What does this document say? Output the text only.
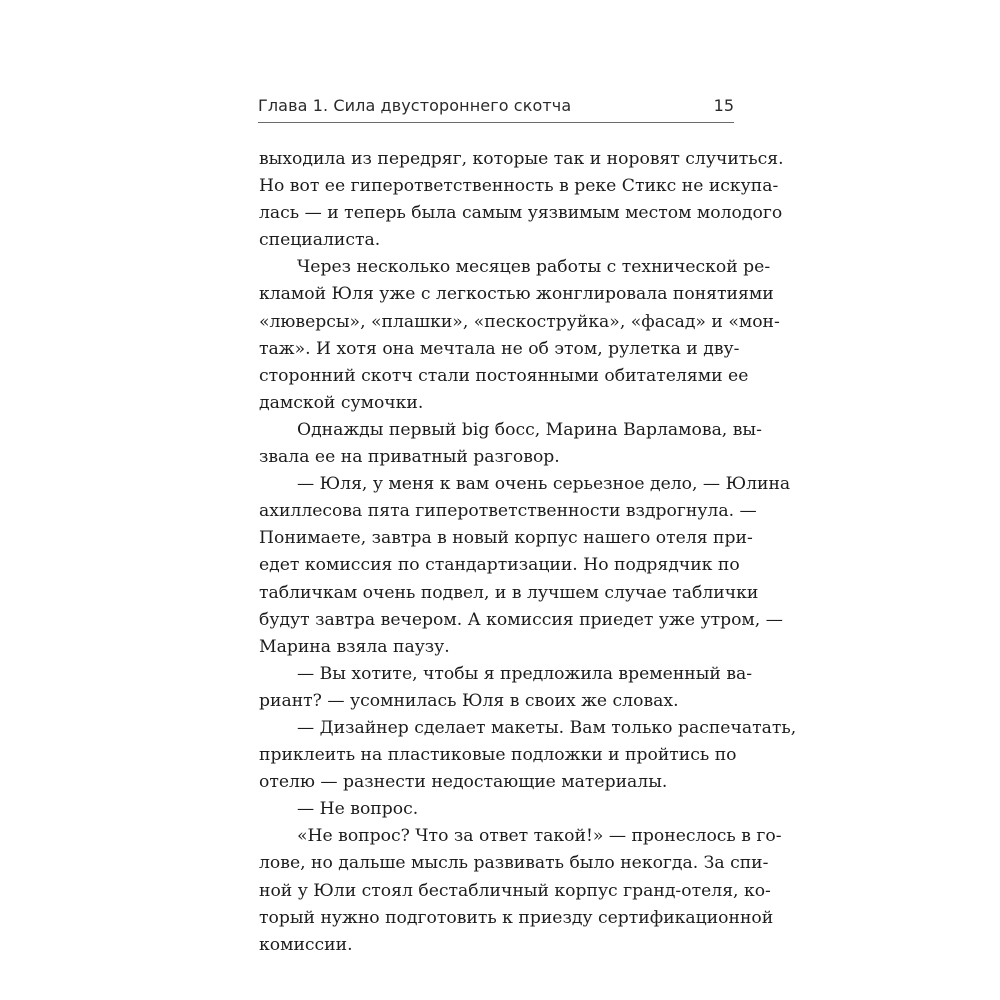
Глава 1. Сила двустороннего скотча	15
выходила из передряг, которые так и норовят случиться.
Но вот ее гиперответственность в реке Стикс не искупа-
лась — и теперь была самым уязвимым местом молодого
специалиста.
Через несколько месяцев работы с технической ре-
кламой Юля уже с легкостью жонглировала понятиями
«люверсы», «плашки», «пескоструйка», «фасад» и «мон-
таж». И хотя она мечтала не об этом, рулетка и дву-
сторонний скотч стали постоянными обитателями ее
дамской сумочки.
Однажды первый big босс, Марина Варламова, вы-
звала ее на приватный разговор.
— Юля, у меня к вам очень серьезное дело, — Юлина
ахиллесова пята гиперответственности вздрогнула. —
Понимаете, завтра в новый корпус нашего отеля при-
едет комиссия по стандартизации. Но подрядчик по
табличкам очень подвел, и в лучшем случае таблички
будут завтра вечером. А комиссия приедет уже утром, —
Марина взяла паузу.
— Вы хотите, чтобы я предложила временный ва-
риант? — усомнилась Юля в своих же словах.
— Дизайнер сделает макеты. Вам только распечатать,
приклеить на пластиковые подложки и пройтись по
отелю — разнести недостающие материалы.
— Не вопрос.
«Не вопрос? Что за ответ такой!» — пронеслось в го-
лове, но дальше мысль развивать было некогда. За спи-
ной у Юли стоял бестабличный корпус гранд-отеля, ко-
торый нужно подготовить к приезду сертификационной
комиссии.
